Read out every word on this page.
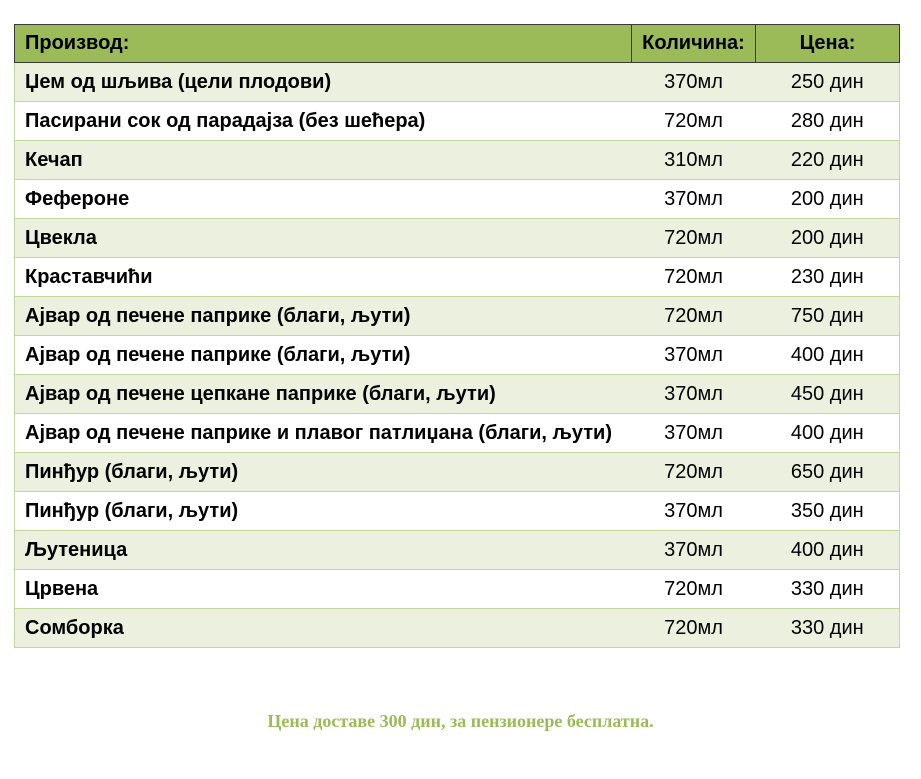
Производ:	Количина:	Цена:
Џем од шљива (цели плодови)	370мл	250 дин
Пасирани сок од парадајза (без шећера)	720мл	280 дин
Кечап	310мл	220 дин
Фефероне	370мл	200 дин
Цвекла	720мл	200 дин
Краставчићи	720мл	230 дин
Ајвар од печене паприке (благи, љути)	720мл	750 дин
Ајвар од печене паприке (благи, љути)	370мл	400 дин
Ајвар од печене цепкане паприке (благи, љути)	370мл	450 дин
Ајвар од печене паприке и плавог патлиџана (благи, љути)	370мл	400 дин
Пинђур (благи, љути)	720мл	650 дин
Пинђур (благи, љути)	370мл	350 дин
Љутеница	370мл	400 дин
Црвена	720мл	330 дин
Сомборка	720мл	330 дин
Цена доставе 300 дин, за пензионере бесплатна.
